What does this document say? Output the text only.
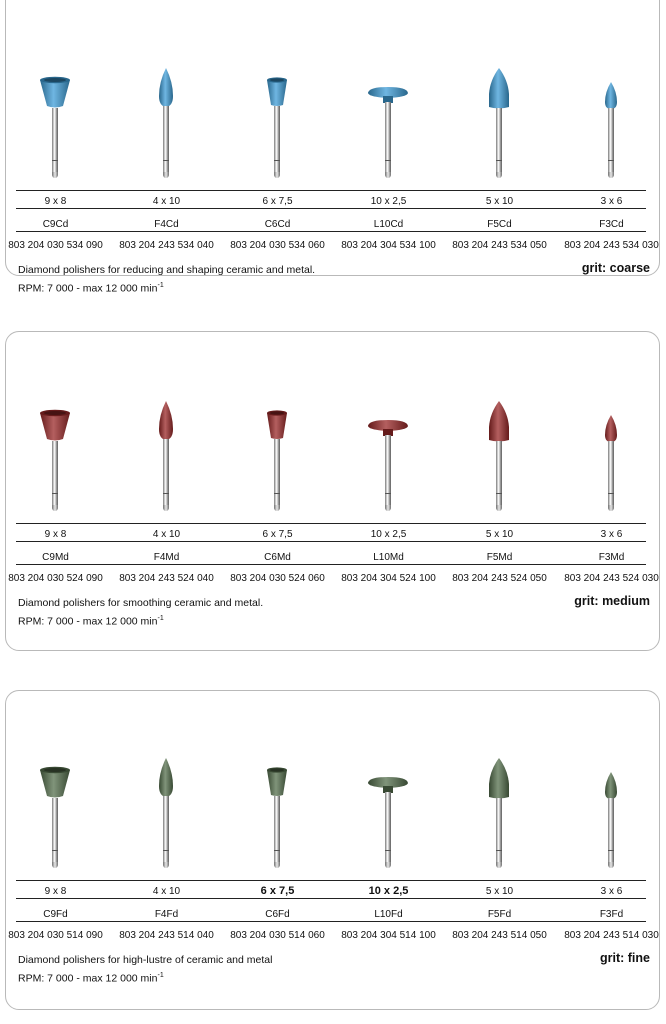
9 x 8
C9Cd
803 204 030 534 090
4 x 10
F4Cd
803 204 243 534 040
6 x 7,5
C6Cd
803 204 030 534 060
10 x 2,5
L10Cd
803 204 304 534 100
5 x 10
F5Cd
803 204 243 534 050
3 x 6
F3Cd
803 204 243 534 030
Diamond polishers for reducing and shaping ceramic and metal.
RPM: 7 000 - max 12 000 $\min^{-1}$
grit: coarse
9 x 8
C9Md
803 204 030 524 090
4 x 10
F4Md
803 204 243 524 040
6 x 7,5
C6Md
803 204 030 524 060
10 x 2,5
L10Md
803 204 304 524 100
5 x 10
F5Md
803 204 243 524 050
3 x 6
F3Md
803 204 243 524 030
Diamond polishers for smoothing ceramic and metal.
RPM: 7 000 - max 12 000 $\min^{-1}$
grit: medium
9 x 8
C9Fd
803 204 030 514 090
4 x 10
F4Fd
803 204 243 514 040
6 x 7,5
C6Fd
803 204 030 514 060
10 x 2,5
L10Fd
803 204 304 514 100
5 x 10
F5Fd
803 204 243 514 050
3 x 6
F3Fd
803 204 243 514 030
Diamond polishers for high-lustre of ceramic and metal
RPM: 7 000 - max 12 000 $\min^{-1}$
grit: fine
